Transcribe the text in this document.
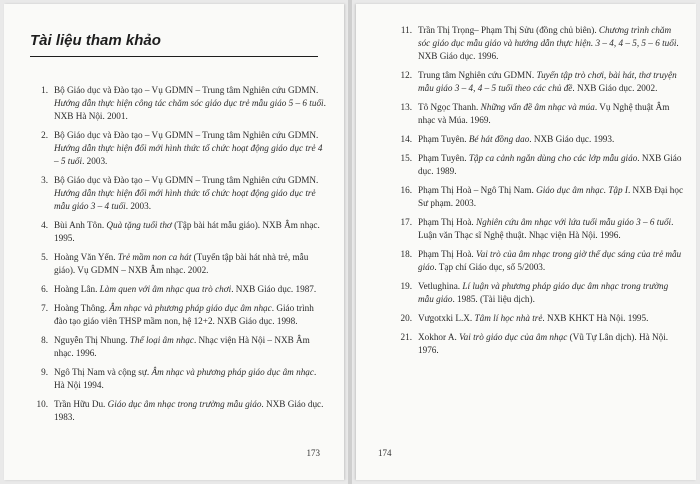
Tài liệu tham khảo
1. Bộ Giáo dục và Đào tạo – Vụ GDMN – Trung tâm Nghiên cứu GDMN. Hướng dẫn thực hiện công tác chăm sóc giáo dục trẻ mẫu giáo 5 – 6 tuổi. NXB Hà Nội. 2001.
2. Bộ Giáo dục và Đào tạo – Vụ GDMN – Trung tâm Nghiên cứu GDMN. Hướng dẫn thực hiện đổi mới hình thức tổ chức hoạt động giáo dục trẻ 4 – 5 tuổi. 2003.
3. Bộ Giáo dục và Đào tạo – Vụ GDMN – Trung tâm Nghiên cứu GDMN. Hướng dẫn thực hiện đổi mới hình thức tổ chức hoạt động giáo dục trẻ mẫu giáo 3 – 4 tuổi. 2003.
4. Bùi Anh Tôn. Quà tặng tuổi thơ (Tập bài hát mẫu giáo). NXB Âm nhạc. 1995.
5. Hoàng Văn Yến. Trẻ mầm non ca hát (Tuyển tập bài hát nhà trẻ, mẫu giáo). Vụ GDMN – NXB Âm nhạc. 2002.
6. Hoàng Lân. Làm quen với âm nhạc qua trò chơi. NXB Giáo dục. 1987.
7. Hoàng Thông. Âm nhạc và phương pháp giáo dục âm nhạc. Giáo trình đào tạo giáo viên THSP mầm non, hệ 12+2. NXB Giáo dục. 1998.
8. Nguyễn Thị Nhung. Thể loại âm nhạc. Nhạc viện Hà Nội – NXB Âm nhạc. 1996.
9. Ngô Thị Nam và cộng sự. Âm nhạc và phương pháp giáo dục âm nhạc. Hà Nội 1994.
10. Trần Hữu Du. Giáo dục âm nhạc trong trường mẫu giáo. NXB Giáo dục. 1983.
173
11. Trần Thị Trọng– Phạm Thị Sửu (đồng chủ biên). Chương trình chăm sóc giáo dục mẫu giáo và hướng dẫn thực hiện. 3 – 4, 4 – 5, 5 – 6 tuổi. NXB Giáo dục. 1996.
12. Trung tâm Nghiên cứu GDMN. Tuyển tập trò chơi, bài hát, thơ truyện mẫu giáo 3 – 4, 4 – 5 tuổi theo các chủ đề. NXB Giáo dục. 2002.
13. Tô Ngọc Thanh. Những vấn đề âm nhạc và múa. Vụ Nghệ thuật Âm nhạc và Múa. 1969.
14. Phạm Tuyên. Bé hát đồng dao. NXB Giáo dục. 1993.
15. Phạm Tuyên. Tập ca cảnh ngắn dùng cho các lớp mẫu giáo. NXB Giáo dục. 1989.
16. Phạm Thị Hoà – Ngô Thị Nam. Giáo dục âm nhạc. Tập I. NXB Đại học Sư phạm. 2003.
17. Phạm Thị Hoà. Nghiên cứu âm nhạc với lứa tuổi mẫu giáo 3 – 6 tuổi. Luận văn Thạc sĩ Nghệ thuật. Nhạc viện Hà Nội. 1996.
18. Phạm Thị Hoà. Vai trò của âm nhạc trong giờ thể dục sáng của trẻ mẫu giáo. Tạp chí Giáo dục, số 5/2003.
19. Vetlughina. Lí luận và phương pháp giáo dục âm nhạc trong trường mẫu giáo. 1985. (Tài liệu dịch).
20. Vưgotxki L.X. Tâm lí học nhà trẻ. NXB KHKT Hà Nội. 1995.
21. Xokhor A. Vai trò giáo dục của âm nhạc (Vũ Tự Lân dịch). Hà Nội. 1976.
174
